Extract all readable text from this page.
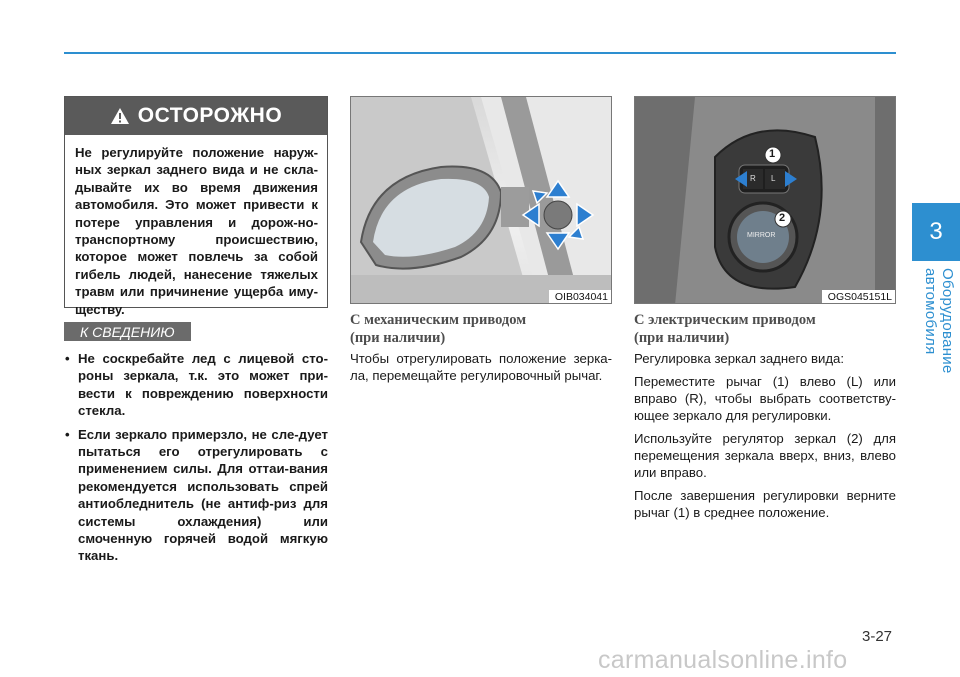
3
Оборудование автомобиля
ОСТОРОЖНО
Не регулируйте положение наруж-ных зеркал заднего вида и не скла-дывайте их во время движения автомобиля. Это может привести к потере управления и дорож-но-транспортному происшествию, которое может повлечь за собой гибель людей, нанесение тяжелых травм или причинение ущерба иму-ществу.
К СВЕДЕНИЮ
• Не соскребайте лед с лицевой сто-роны зеркала, т.к. это может при-вести к повреждению поверхности стекла.
• Если зеркало примерзло, не сле-дует пытаться его отрегулировать с применением силы. Для оттаи-вания рекомендуется использовать спрей антиобледнитель (не антиф-риз для системы охлаждения) или смоченную горячей водой мягкую ткань.
OIB034041
1
2
R L
MIRROR
OGS045151L
С механическим приводом
(при наличии)
С электрическим приводом
(при наличии)

Чтобы отрегулировать положение зерка-ла, перемещайте регулировочный рычаг.

Регулировка зеркал заднего вида:

Переместите рычаг (1) влево (L) или вправо (R), чтобы выбрать соответству-ющее зеркало для регулировки.

Используйте регулятор зеркал (2) для перемещения зеркала вверх, вниз, влево или вправо.

После завершения регулировки верните рычаг (1) в среднее положение.

3-27
carmanualsonline.info
